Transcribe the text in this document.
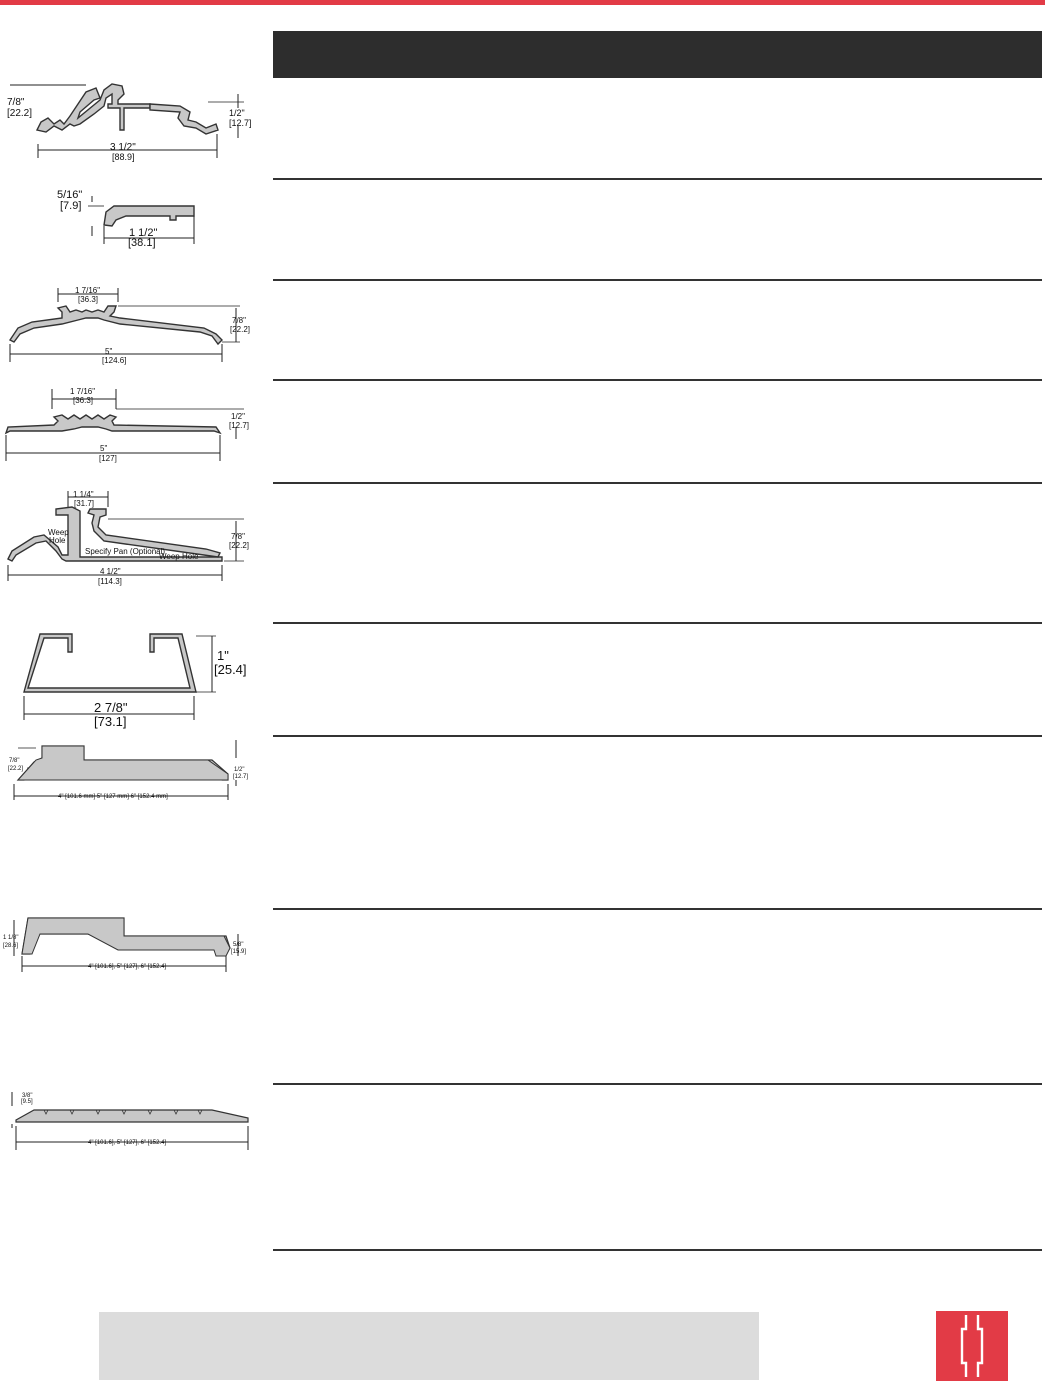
7/8"
[22.2]	1/2"
[12.7]
3 1/2"
[88.9]
5/16"
[7.9]
1 1/2"
[38.1]
1 7/16"
[36.3]
7/8"
[22.2]
5"
[124.6]
1 7/16"
[36.3]
1/2"
[12.7]
5"
[127]
1 1/4"
[31.7]
7/8"
[22.2]
4 1/2"
[114.3]
Weep
Hole
Specify Pan (Optional)
Weep Hole
1"
[25.4]
2 7/8"
[73.1]
7/8"
[22.2]	1/2"
[12.7]
4" [101.6 mm] 5" [127 mm] 6" [152.4 mm]
1 1/8"
[28.6]	5/8"
[15.9]
4" [101.6], 5" [127], 6" [152.4]
3/8"
[9.5]
4" [101.6], 5" [127], 6" [152.4]
